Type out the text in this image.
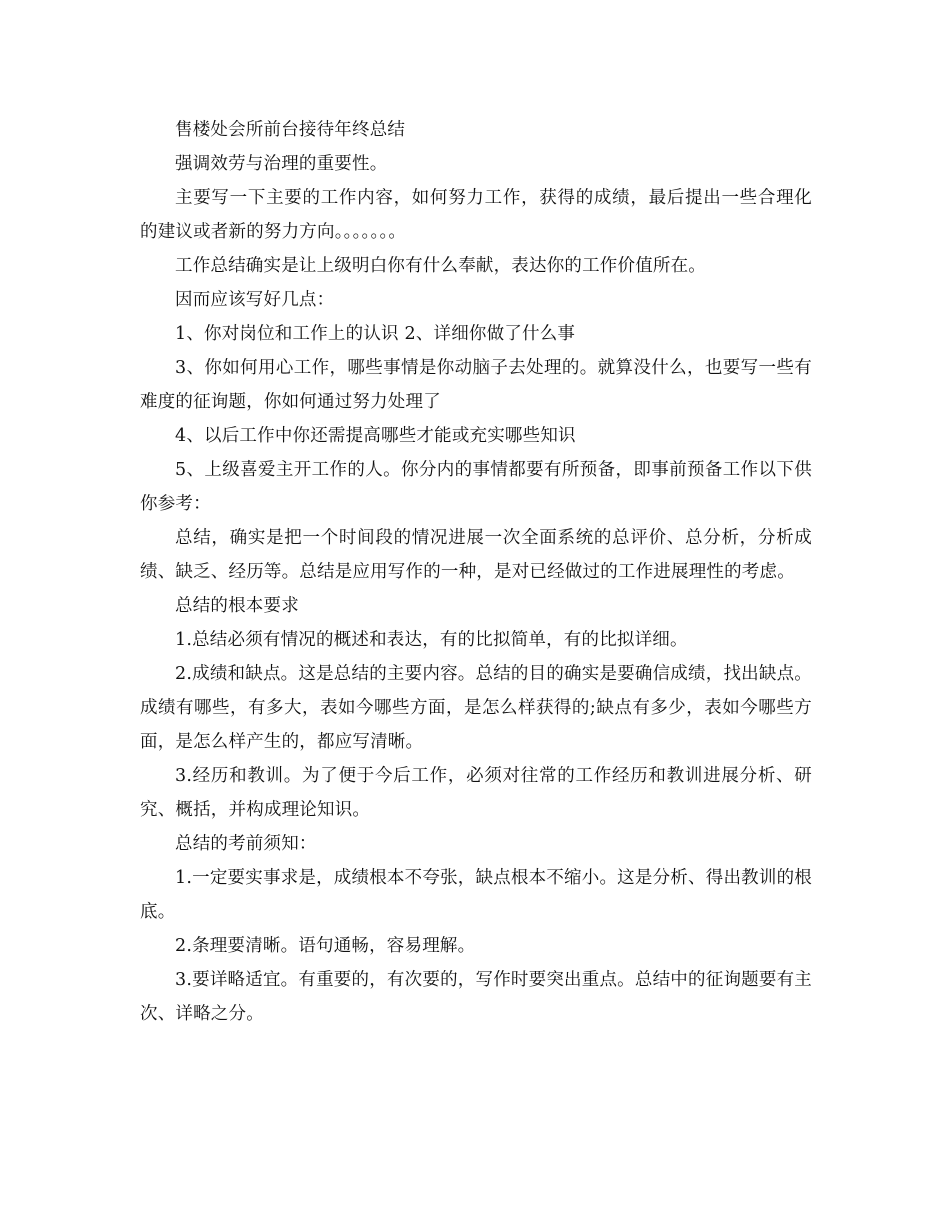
售楼处会所前台接待年终总结

强调效劳与治理的重要性。

主要写一下主要的工作内容，如何努力工作，获得的成绩，最后提出一些合理化的建议或者新的努力方向。。。。。。。

工作总结确实是让上级明白你有什么奉献，表达你的工作价值所在。

因而应该写好几点：

1、你对岗位和工作上的认识 2、详细你做了什么事

3、你如何用心工作，哪些事情是你动脑子去处理的。就算没什么，也要写一些有难度的征询题，你如何通过努力处理了

4、以后工作中你还需提高哪些才能或充实哪些知识

5、上级喜爱主开工作的人。你分内的事情都要有所预备，即事前预备工作以下供你参考：

总结，确实是把一个时间段的情况进展一次全面系统的总评价、总分析，分析成绩、缺乏、经历等。总结是应用写作的一种，是对已经做过的工作进展理性的考虑。

总结的根本要求

1.总结必须有情况的概述和表达，有的比拟简单，有的比拟详细。

2.成绩和缺点。这是总结的主要内容。总结的目的确实是要确信成绩，找出缺点。成绩有哪些，有多大，表如今哪些方面，是怎么样获得的;缺点有多少，表如今哪些方面，是怎么样产生的，都应写清晰。

3.经历和教训。为了便于今后工作，必须对往常的工作经历和教训进展分析、研究、概括，并构成理论知识。

总结的考前须知：

1.一定要实事求是，成绩根本不夸张，缺点根本不缩小。这是分析、得出教训的根底。

2.条理要清晰。语句通畅，容易理解。

3.要详略适宜。有重要的，有次要的，写作时要突出重点。总结中的征询题要有主次、详略之分。
